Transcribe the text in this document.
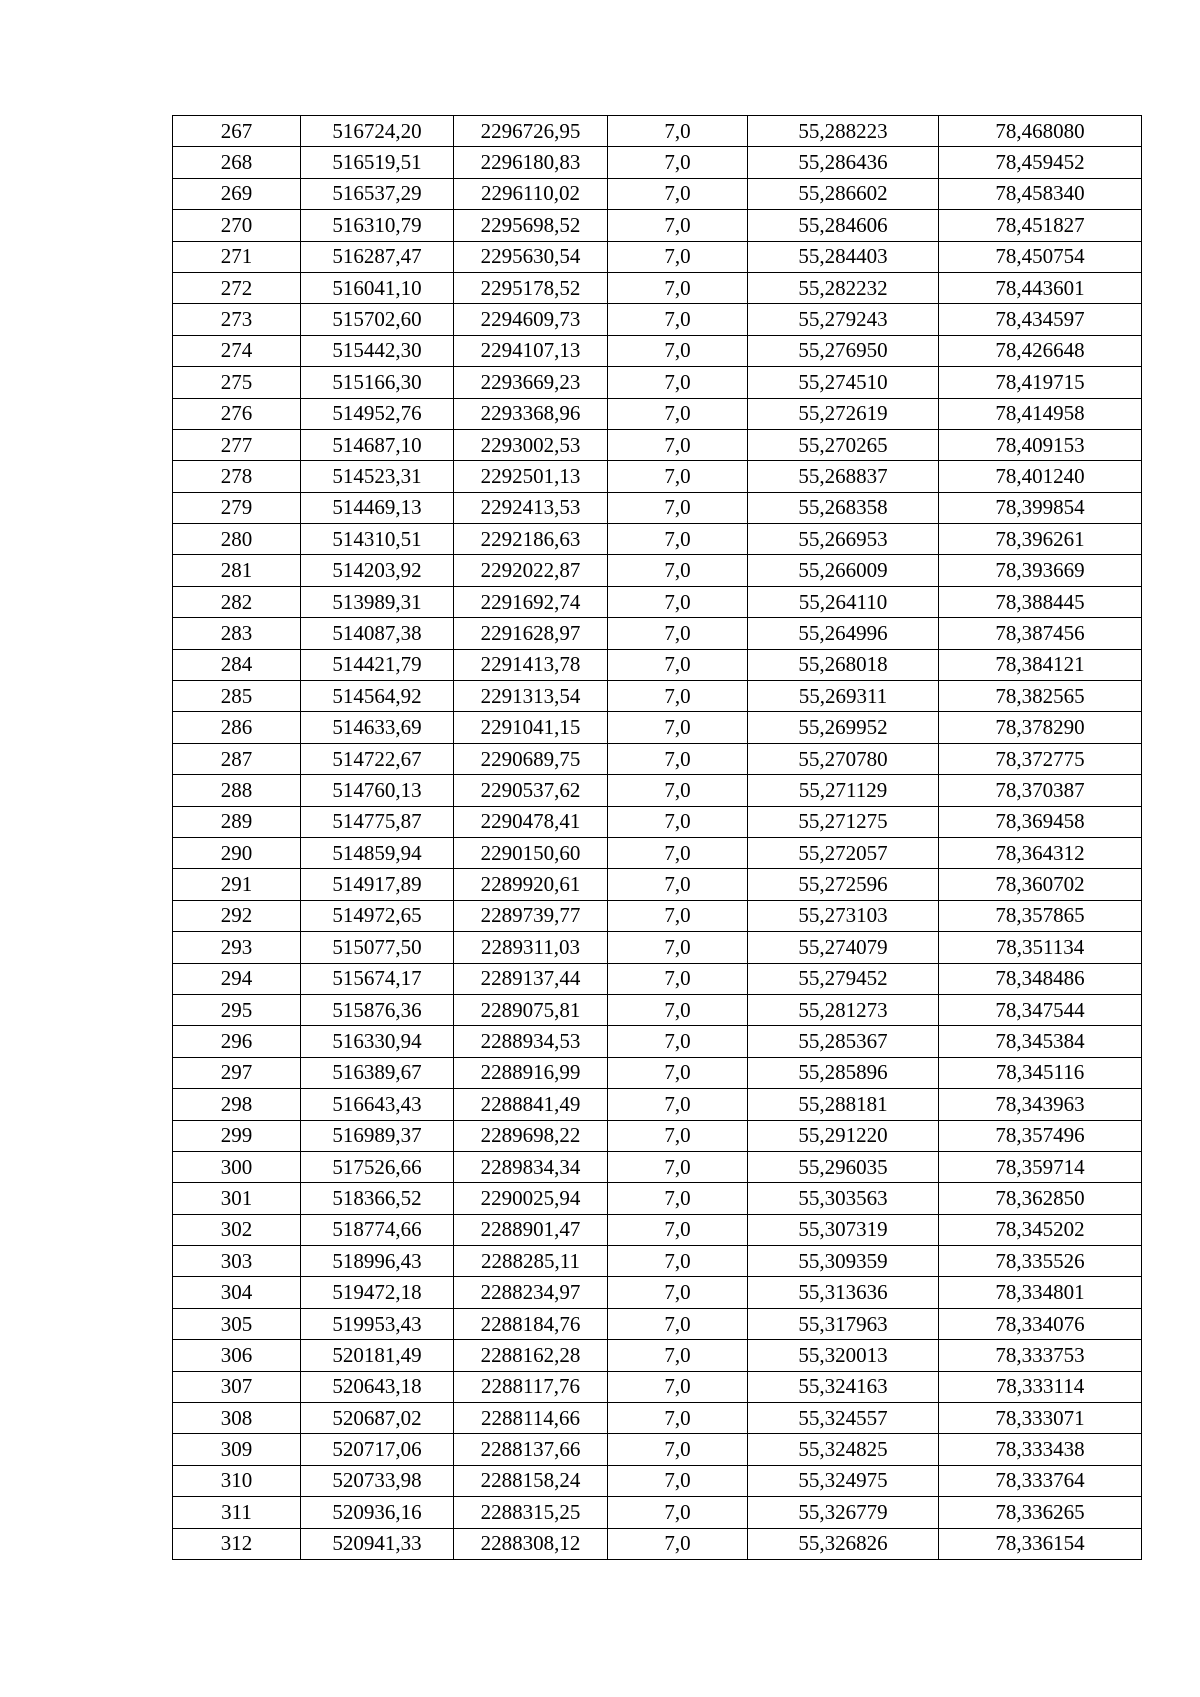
267	516724,20	2296726,95	7,0	55,288223	78,468080
268	516519,51	2296180,83	7,0	55,286436	78,459452
269	516537,29	2296110,02	7,0	55,286602	78,458340
270	516310,79	2295698,52	7,0	55,284606	78,451827
271	516287,47	2295630,54	7,0	55,284403	78,450754
272	516041,10	2295178,52	7,0	55,282232	78,443601
273	515702,60	2294609,73	7,0	55,279243	78,434597
274	515442,30	2294107,13	7,0	55,276950	78,426648
275	515166,30	2293669,23	7,0	55,274510	78,419715
276	514952,76	2293368,96	7,0	55,272619	78,414958
277	514687,10	2293002,53	7,0	55,270265	78,409153
278	514523,31	2292501,13	7,0	55,268837	78,401240
279	514469,13	2292413,53	7,0	55,268358	78,399854
280	514310,51	2292186,63	7,0	55,266953	78,396261
281	514203,92	2292022,87	7,0	55,266009	78,393669
282	513989,31	2291692,74	7,0	55,264110	78,388445
283	514087,38	2291628,97	7,0	55,264996	78,387456
284	514421,79	2291413,78	7,0	55,268018	78,384121
285	514564,92	2291313,54	7,0	55,269311	78,382565
286	514633,69	2291041,15	7,0	55,269952	78,378290
287	514722,67	2290689,75	7,0	55,270780	78,372775
288	514760,13	2290537,62	7,0	55,271129	78,370387
289	514775,87	2290478,41	7,0	55,271275	78,369458
290	514859,94	2290150,60	7,0	55,272057	78,364312
291	514917,89	2289920,61	7,0	55,272596	78,360702
292	514972,65	2289739,77	7,0	55,273103	78,357865
293	515077,50	2289311,03	7,0	55,274079	78,351134
294	515674,17	2289137,44	7,0	55,279452	78,348486
295	515876,36	2289075,81	7,0	55,281273	78,347544
296	516330,94	2288934,53	7,0	55,285367	78,345384
297	516389,67	2288916,99	7,0	55,285896	78,345116
298	516643,43	2288841,49	7,0	55,288181	78,343963
299	516989,37	2289698,22	7,0	55,291220	78,357496
300	517526,66	2289834,34	7,0	55,296035	78,359714
301	518366,52	2290025,94	7,0	55,303563	78,362850
302	518774,66	2288901,47	7,0	55,307319	78,345202
303	518996,43	2288285,11	7,0	55,309359	78,335526
304	519472,18	2288234,97	7,0	55,313636	78,334801
305	519953,43	2288184,76	7,0	55,317963	78,334076
306	520181,49	2288162,28	7,0	55,320013	78,333753
307	520643,18	2288117,76	7,0	55,324163	78,333114
308	520687,02	2288114,66	7,0	55,324557	78,333071
309	520717,06	2288137,66	7,0	55,324825	78,333438
310	520733,98	2288158,24	7,0	55,324975	78,333764
311	520936,16	2288315,25	7,0	55,326779	78,336265
312	520941,33	2288308,12	7,0	55,326826	78,336154
